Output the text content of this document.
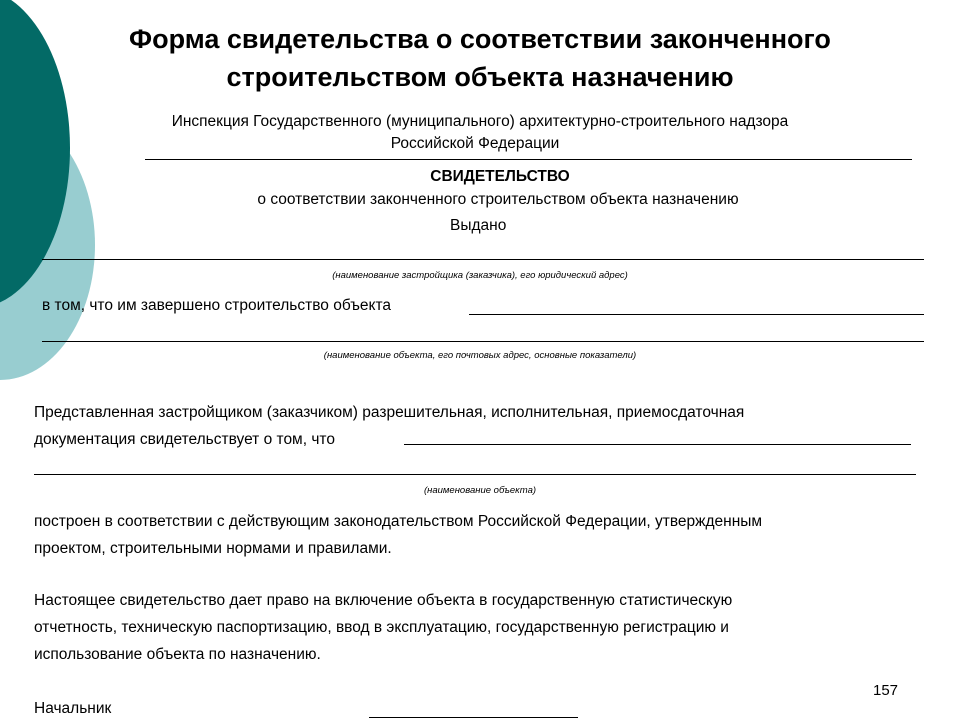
Форма свидетельства о соответствии законченного
строительством объекта назначению
Инспекция Государственного (муниципального) архитектурно-строительного надзора
Российской Федерации
СВИДЕТЕЛЬСТВО
о соответствии законченного строительством объекта назначению
Выдано
(наименование застройщика (заказчика), его юридический адрес)
в том, что им завершено строительство объекта
(наименование объекта, его почтовых адрес, основные показатели)
Представленная застройщиком (заказчиком) разрешительная, исполнительная, приемосдаточная
документация свидетельствует о том, что
(наименование объекта)
построен в соответствии с действующим законодательством Российской Федерации, утвержденным
проектом, строительными нормами и правилами.
Настоящее свидетельство дает право на включение объекта в государственную статистическую
отчетность, техническую паспортизацию, ввод в эксплуатацию, государственную регистрацию и
использование объекта по назначению.
Начальник
157
